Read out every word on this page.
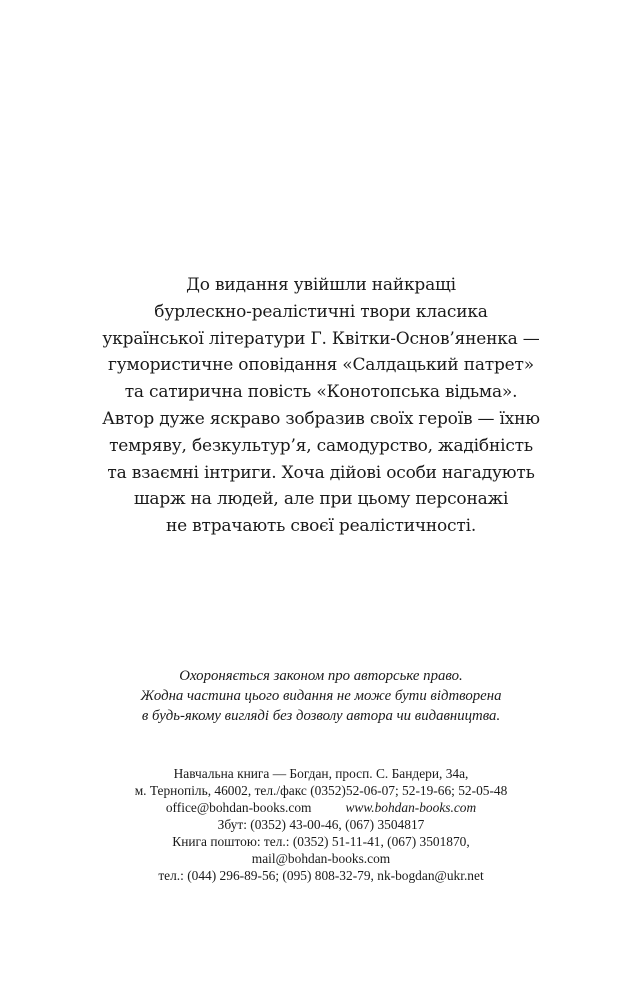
До видання увійшли найкращі
бурлескно-реалістичні твори класика
української літератури Г. Квітки-Основ’яненка —
гумористичне оповідання «Салдацький патрет»
та сатирична повість «Конотопська відьма».
Автор дуже яскраво зобразив своїх героїв — їхню
темряву, безкультур’я, самодурство, жадібність
та взаємні інтриги. Хоча дійові особи нагадують
шарж на людей, але при цьому персонажі
не втрачають своєї реалістичності.
Охороняється законом про авторське право.
Жодна частина цього видання не може бути відтворена
в будь-якому вигляді без дозволу автора чи видавництва.
Навчальна книга — Богдан, просп. С. Бандери, 34а,
м. Тернопіль, 46002, тел./факс (0352)52-06-07; 52-19-66; 52-05-48
office@bohdan-books.com	www.bohdan-books.com
Збут: (0352) 43-00-46, (067) 3504817
Книга поштою: тел.: (0352) 51-11-41, (067) 3501870,
mail@bohdan-books.com
тел.: (044) 296-89-56; (095) 808-32-79, nk-bogdan@ukr.net
